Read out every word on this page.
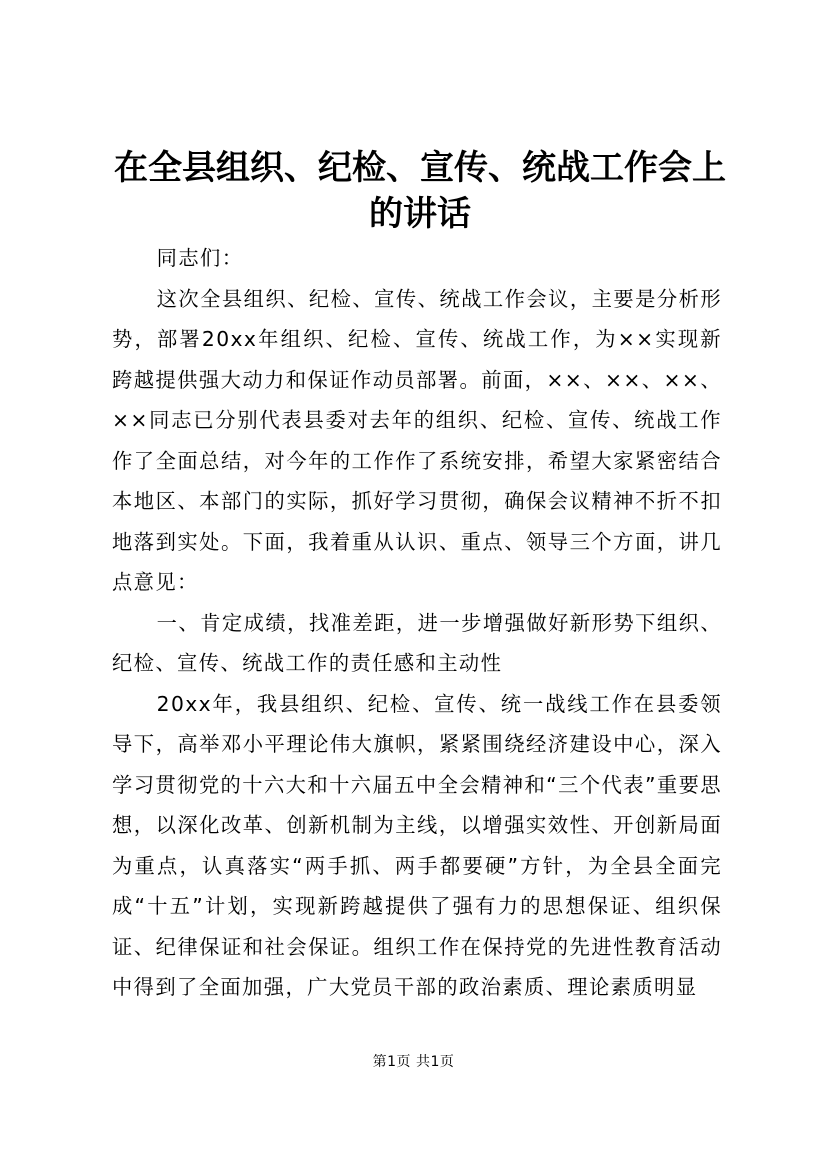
在全县组织、纪检、宣传、统战工作会上的讲话

同志们：

这次全县组织、纪检、宣传、统战工作会议，主要是分析形势，部署20xx年组织、纪检、宣传、统战工作，为××实现新跨越提供强大动力和保证作动员部署。前面，××、××、××、××同志已分别代表县委对去年的组织、纪检、宣传、统战工作作了全面总结，对今年的工作作了系统安排，希望大家紧密结合本地区、本部门的实际，抓好学习贯彻，确保会议精神不折不扣地落到实处。下面，我着重从认识、重点、领导三个方面，讲几点意见：

一、肯定成绩，找准差距，进一步增强做好新形势下组织、纪检、宣传、统战工作的责任感和主动性

20xx年，我县组织、纪检、宣传、统一战线工作在县委领导下，高举邓小平理论伟大旗帜，紧紧围绕经济建设中心，深入学习贯彻党的十六大和十六届五中全会精神和“三个代表”重要思想，以深化改革、创新机制为主线，以增强实效性、开创新局面为重点，认真落实“两手抓、两手都要硬”方针，为全县全面完成“十五”计划，实现新跨越提供了强有力的思想保证、组织保证、纪律保证和社会保证。组织工作在保持党的先进性教育活动中得到了全面加强，广大党员干部的政治素质、理论素质明显

第1页 共1页
